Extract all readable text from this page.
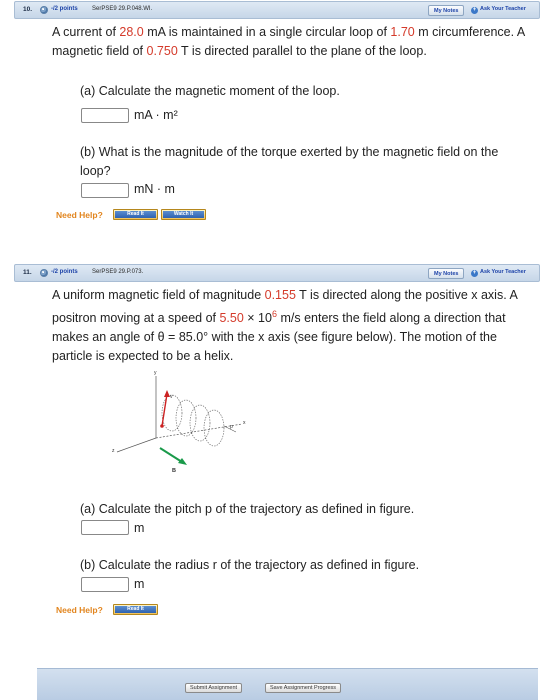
10.	-/2 points SerPSE9 29.P.048.WI.	My Notes	+ Ask Your Teacher

A current of 28.0 mA is maintained in a single circular loop of 1.70 m circumference. A magnetic field of 0.750 T is directed parallel to the plane of the loop.

(a) Calculate the magnetic moment of the loop.
mA · m²
(b) What is the magnitude of the torque exerted by the magnetic field on the loop?
mN · m
Need Help?	Read It	Watch It
11.	-/2 points SerPSE9 29.P.073.	My Notes	+ Ask Your Teacher

A uniform magnetic field of magnitude 0.155 T is directed along the positive x axis. A positron moving at a speed of $5.50 \times 10^6$ m/s enters the field along a direction that makes an angle of θ = 85.0° with the x axis (see figure below). The motion of the particle is expected to be a helix.

y
z
x
v
p
B
(a) Calculate the pitch p of the trajectory as defined in figure.
m
(b) Calculate the radius r of the trajectory as defined in figure.
m
Need Help?	Read It
Submit Assignment	Save Assignment Progress
